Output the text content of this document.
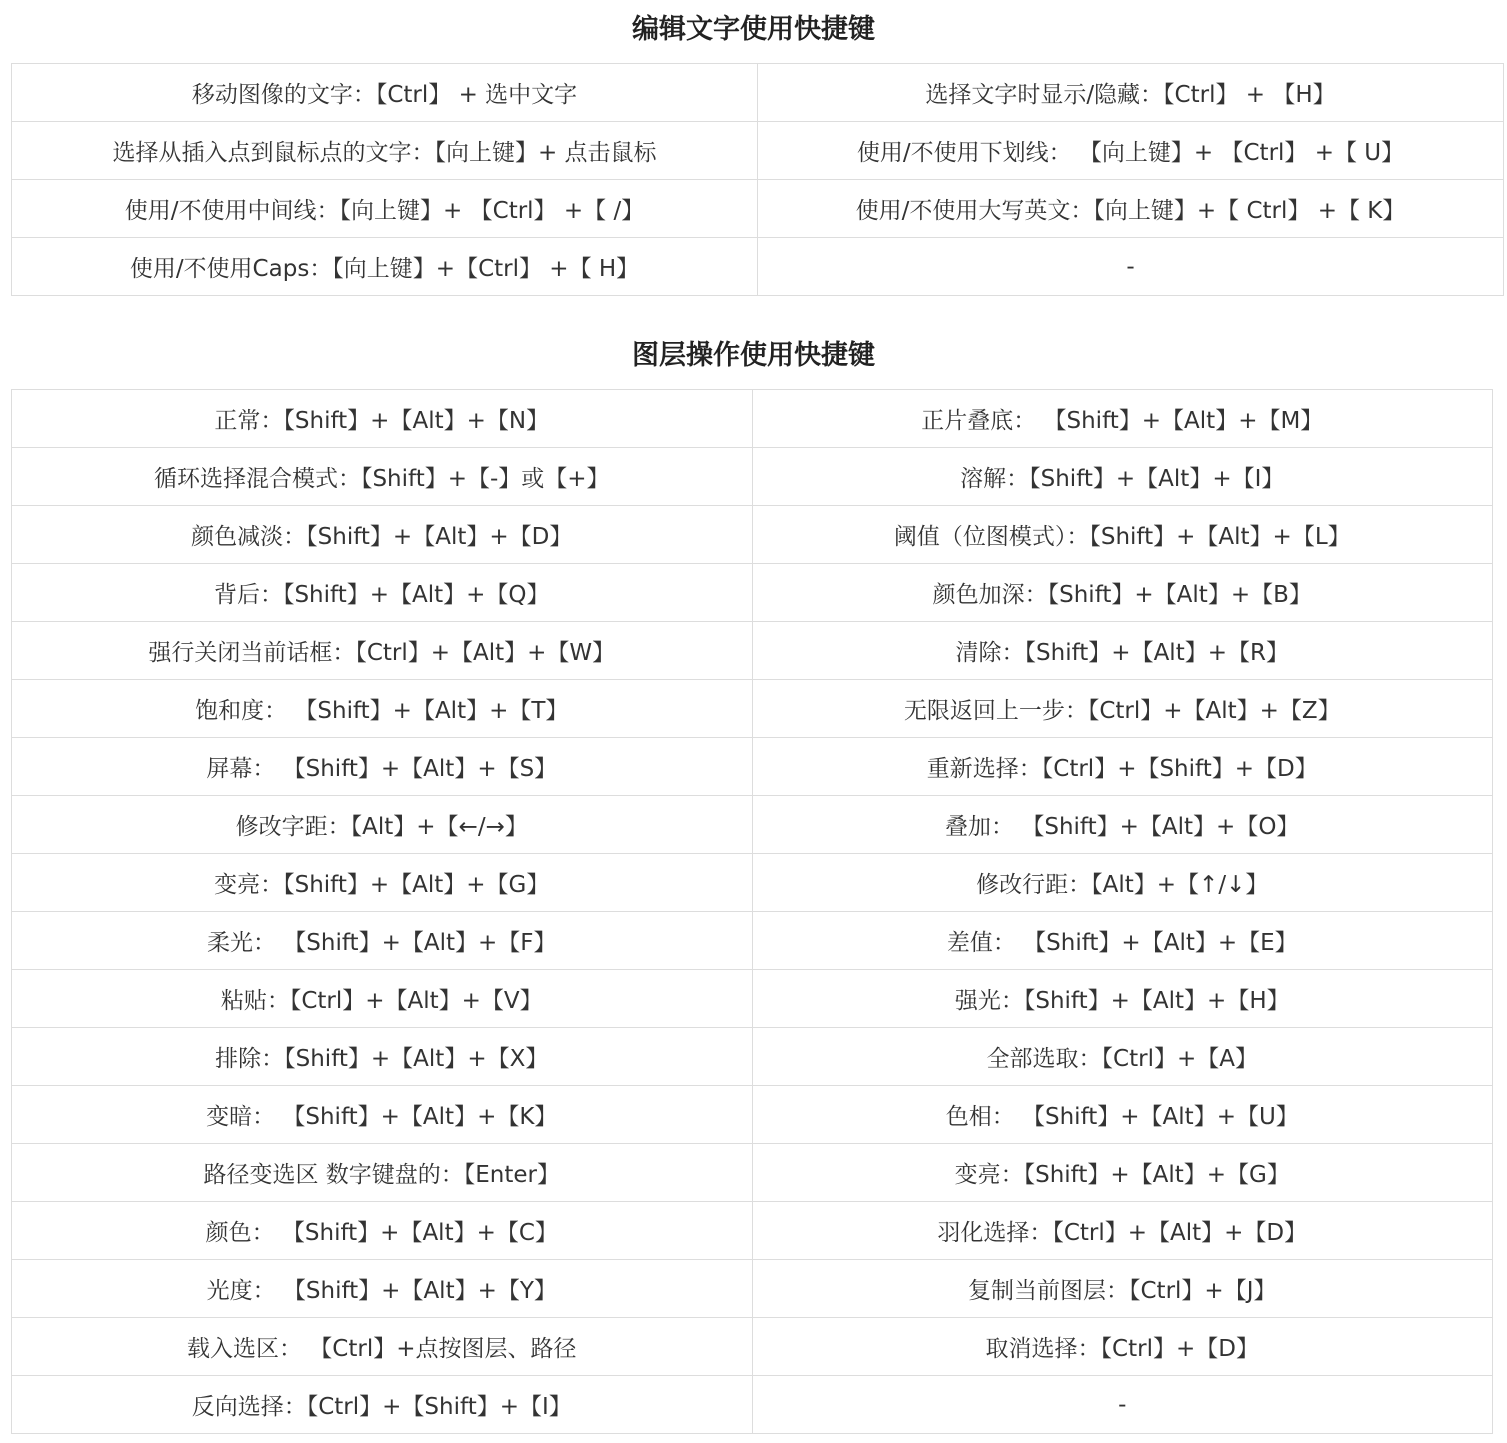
编辑文字使用快捷键
移动图像的文字：【Ctrl】 + 选中文字	选择文字时显示/隐藏：【Ctrl】 + 【H】
选择从插入点到鼠标点的文字：【向上键】+ 点击鼠标	使用/不使用下划线： 【向上键】+ 【Ctrl】 +【 U】
使用/不使用中间线：【向上键】+ 【Ctrl】 +【 /】	使用/不使用大写英文：【向上键】+【 Ctrl】 +【 K】
使用/不使用Caps：【向上键】+【Ctrl】 +【 H】	-
图层操作使用快捷键
正常：【Shift】+【Alt】+【N】	正片叠底： 【Shift】+【Alt】+【M】
循环选择混合模式：【Shift】+【-】或【+】	溶解：【Shift】+【Alt】+【I】
颜色减淡：【Shift】+【Alt】+【D】	阈值（位图模式）：【Shift】+【Alt】+【L】
背后：【Shift】+【Alt】+【Q】	颜色加深：【Shift】+【Alt】+【B】
强行关闭当前话框：【Ctrl】+【Alt】+【W】	清除：【Shift】+【Alt】+【R】
饱和度： 【Shift】+【Alt】+【T】	无限返回上一步：【Ctrl】+【Alt】+【Z】
屏幕： 【Shift】+【Alt】+【S】	重新选择：【Ctrl】+【Shift】+【D】
修改字距：【Alt】+【←/→】	叠加： 【Shift】+【Alt】+【O】
变亮：【Shift】+【Alt】+【G】	修改行距：【Alt】+【↑/↓】
柔光： 【Shift】+【Alt】+【F】	差值： 【Shift】+【Alt】+【E】
粘贴：【Ctrl】+【Alt】+【V】	强光：【Shift】+【Alt】+【H】
排除：【Shift】+【Alt】+【X】	全部选取：【Ctrl】+【A】
变暗： 【Shift】+【Alt】+【K】	色相： 【Shift】+【Alt】+【U】
路径变选区 数字键盘的：【Enter】	变亮：【Shift】+【Alt】+【G】
颜色： 【Shift】+【Alt】+【C】	羽化选择：【Ctrl】+【Alt】+【D】
光度： 【Shift】+【Alt】+【Y】	复制当前图层：【Ctrl】+【J】
载入选区： 【Ctrl】+点按图层、路径	取消选择：【Ctrl】+【D】
反向选择：【Ctrl】+【Shift】+【I】	-
